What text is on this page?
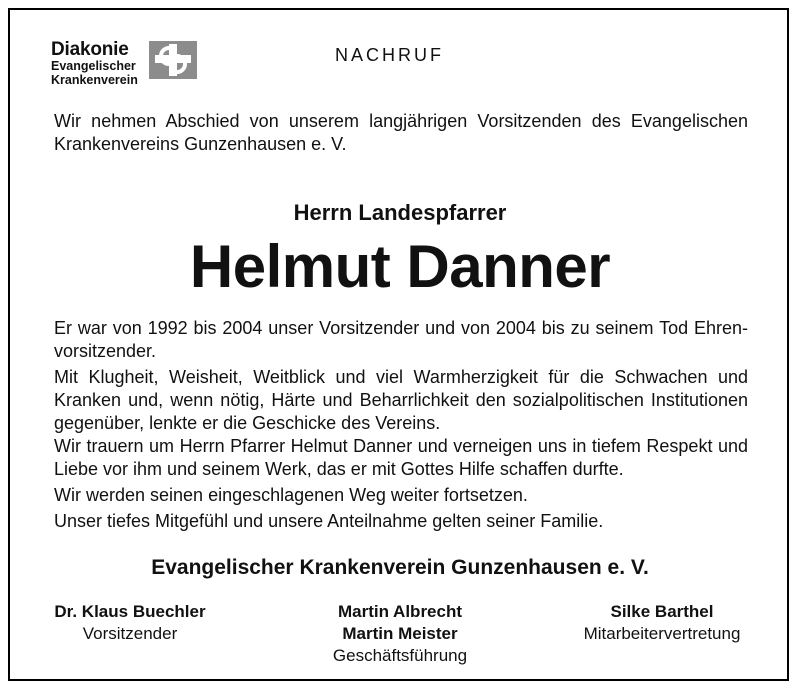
Diakonie
Evangelischer
Krankenverein
NACHRUF
Wir nehmen Abschied von unserem langjährigen Vorsitzenden des Evangelischen Krankenvereins Gunzenhausen e. V.
Herrn Landespfarrer
Helmut Danner
Er war von 1992 bis 2004 unser Vorsitzender und von 2004 bis zu seinem Tod Ehrenvorsitzender.
Mit Klugheit, Weisheit, Weitblick und viel Warmherzigkeit für die Schwachen und Kranken und, wenn nötig, Härte und Beharrlichkeit den sozialpolitischen Institutionen gegenüber, lenkte er die Geschicke des Vereins.
Wir trauern um Herrn Pfarrer Helmut Danner und verneigen uns in tiefem Respekt und Liebe vor ihm und seinem Werk, das er mit Gottes Hilfe schaffen durfte.
Wir werden seinen eingeschlagenen Weg weiter fortsetzen.
Unser tiefes Mitgefühl und unsere Anteilnahme gelten seiner Familie.
Evangelischer Krankenverein Gunzenhausen e. V.
Dr. Klaus Buechler
Vorsitzender
Martin Albrecht
Martin Meister
Geschäftsführung
Silke Barthel
Mitarbeitervertretung
